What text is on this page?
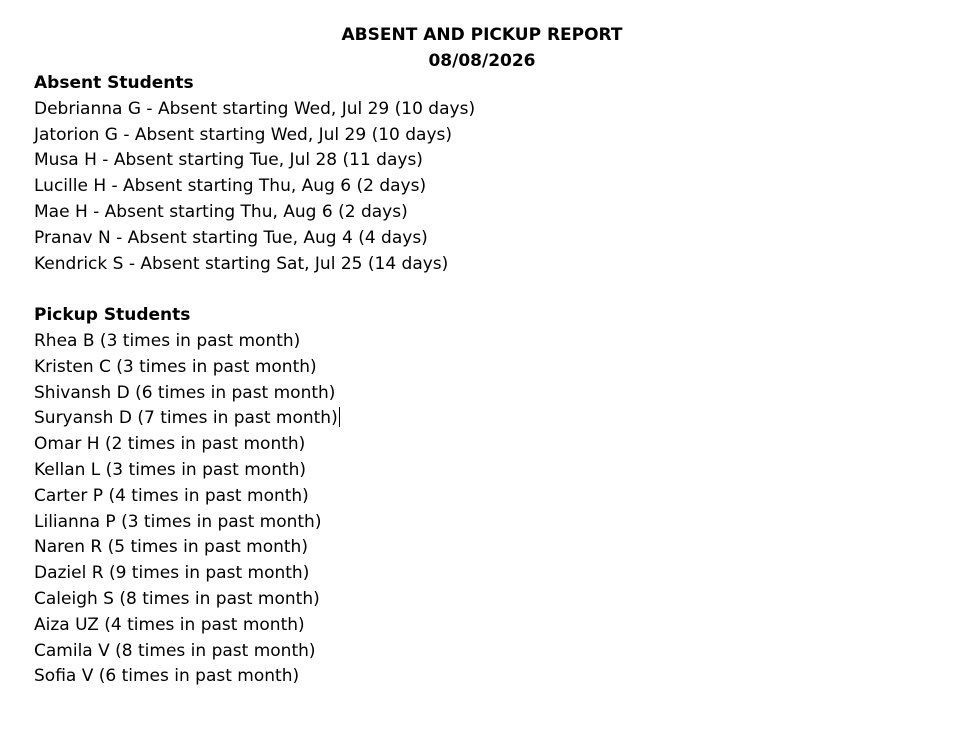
ABSENT AND PICKUP REPORT
08/08/2026

Absent Students

Debrianna G - Absent starting Wed, Jul 29 (10 days)

Jatorion G - Absent starting Wed, Jul 29 (10 days)

Musa H - Absent starting Tue, Jul 28 (11 days)

Lucille H - Absent starting Thu, Aug 6 (2 days)

Mae H - Absent starting Thu, Aug 6 (2 days)

Pranav N - Absent starting Tue, Aug 4 (4 days)

Kendrick S - Absent starting Sat, Jul 25 (14 days)

Pickup Students

Rhea B (3 times in past month)

Kristen C (3 times in past month)

Shivansh D (6 times in past month)

Suryansh D (7 times in past month)

Omar H (2 times in past month)

Kellan L (3 times in past month)

Carter P (4 times in past month)

Lilianna P (3 times in past month)

Naren R (5 times in past month)

Daziel R (9 times in past month)

Caleigh S (8 times in past month)

Aiza UZ (4 times in past month)

Camila V (8 times in past month)

Sofia V (6 times in past month)
